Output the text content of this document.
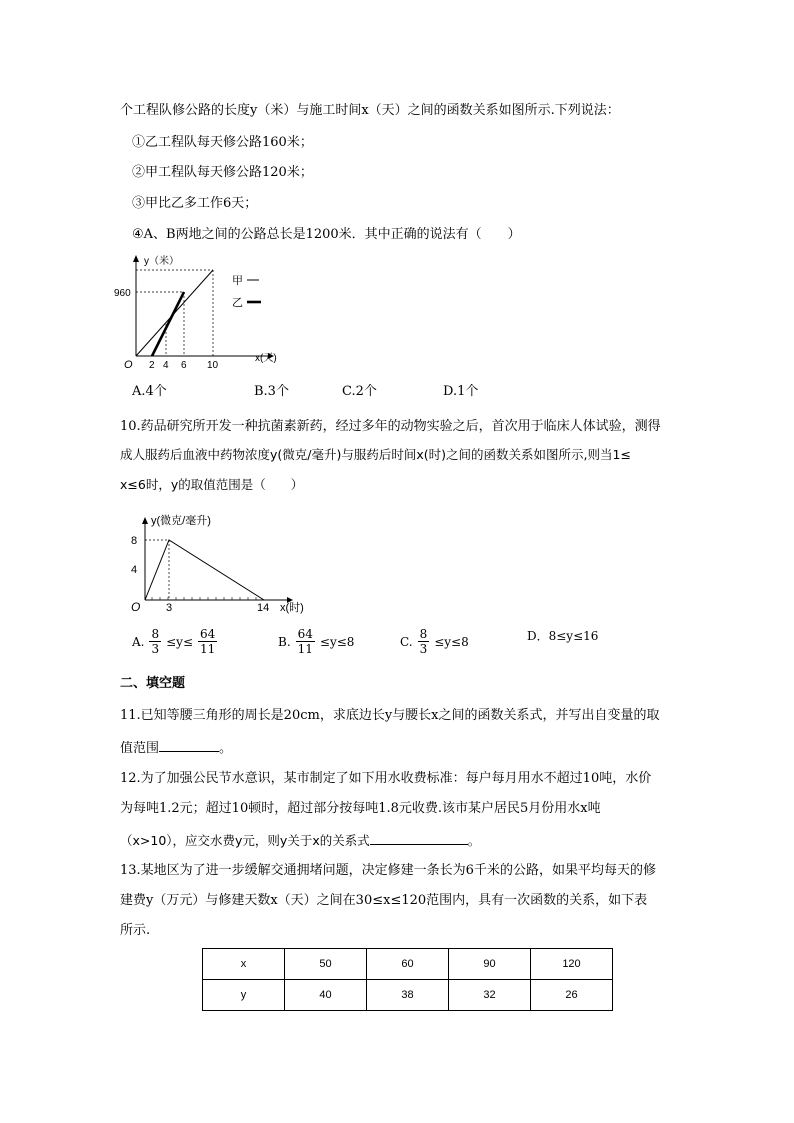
个工程队修公路的长度y（米）与施工时间x（天）之间的函数关系如图所示.下列说法：
①乙工程队每天修公路160米；
②甲工程队每天修公路120米；
③甲比乙多工作6天；
④A、B两地之间的公路总长是1200米．其中正确的说法有（　　）
y（米）
960
O 2 4 6 10
x(天)
甲
乙
A.4个	B.3个	C.2个	D.1个
10.药品研究所开发一种抗菌素新药，经过多年的动物实验之后，首次用于临床人体试验，测得
成人服药后血液中药物浓度y(微克/毫升)与服药后时间x(时)之间的函数关系如图所示,则当1≤
x≤6时，y的取值范围是（　　）
y(微克/毫升)
8
4
O 3	14 x(时)
A. $\frac{8}{3} \le y\le \frac{64}{11}$	B. $\frac{64}{11} \le y\le 8$	C. $\frac{8}{3} \le y\le 8$	D．8≤y≤16
二、填空题
11.已知等腰三角形的周长是20cm，求底边长y与腰长x之间的函数关系式，并写出自变量的取
值范围	。
12.为了加强公民节水意识，某市制定了如下用水收费标准：每户每月用水不超过10吨，水价
为每吨1.2元；超过10顿时，超过部分按每吨1.8元收费.该市某户居民5月份用水x吨
（x>10），应交水费y元，则y关于x的关系式	。
13.某地区为了进一步缓解交通拥堵问题，决定修建一条长为6千米的公路，如果平均每天的修
建费y（万元）与修建天数x（天）之间在30≤x≤120范围内，具有一次函数的关系，如下表
所示.
x	50	60	90	120
y	40	38	32	26
